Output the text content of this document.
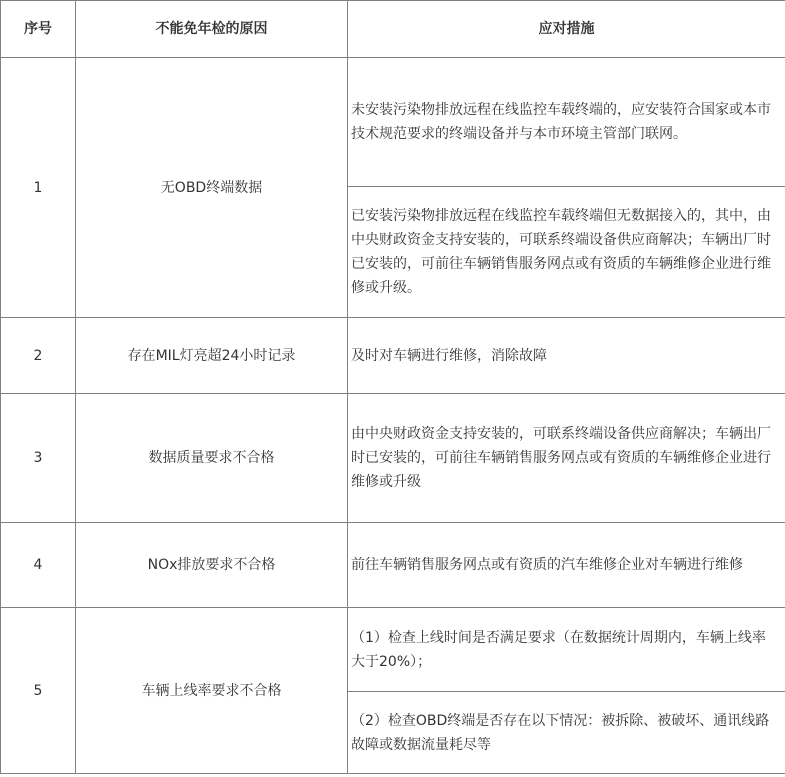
序号	不能免年检的原因	应对措施
1	无OBD终端数据	未安装污染物排放远程在线监控车载终端的，应安装符合国家或本市技术规范要求的终端设备并与本市环境主管部门联网。
		已安装污染物排放远程在线监控车载终端但无数据接入的，其中，由中央财政资金支持安装的，可联系终端设备供应商解决；车辆出厂时已安装的，可前往车辆销售服务网点或有资质的车辆维修企业进行维修或升级。
2	存在MIL灯亮超24小时记录	及时对车辆进行维修，消除故障
3	数据质量要求不合格	由中央财政资金支持安装的，可联系终端设备供应商解决；车辆出厂时已安装的，可前往车辆销售服务网点或有资质的车辆维修企业进行维修或升级
4	NOx排放要求不合格	前往车辆销售服务网点或有资质的汽车维修企业对车辆进行维修
5	车辆上线率要求不合格	（1）检查上线时间是否满足要求（在数据统计周期内，车辆上线率大于20%）；
		（2）检查OBD终端是否存在以下情况：被拆除、被破坏、通讯线路故障或数据流量耗尽等
